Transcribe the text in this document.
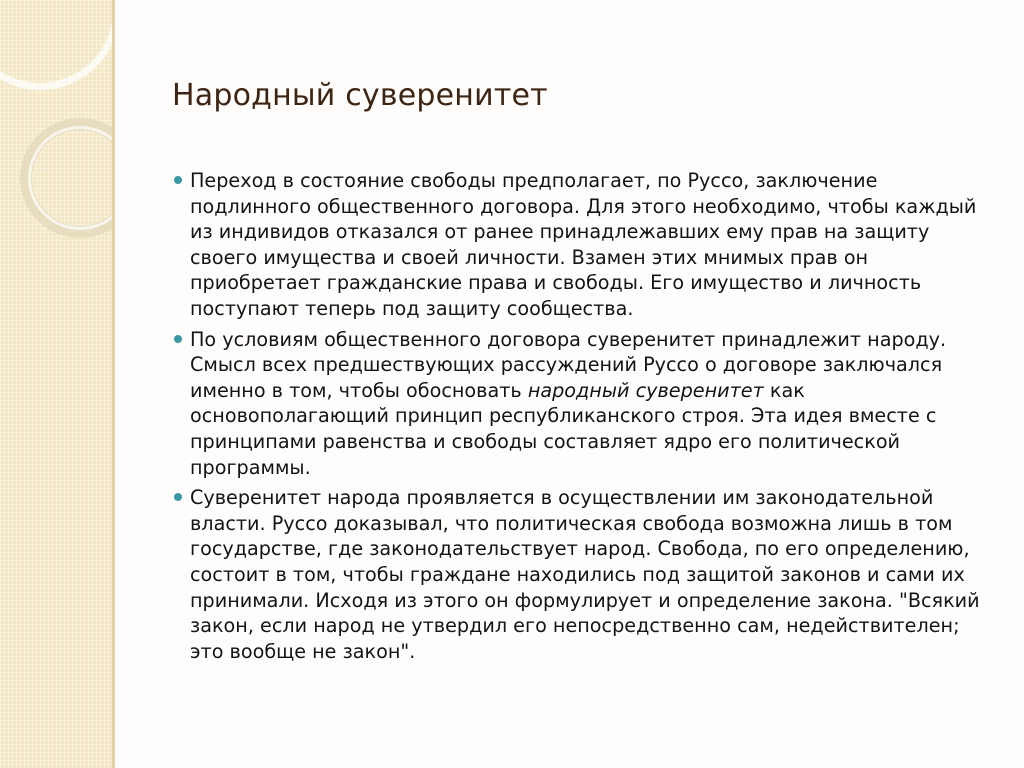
Народный суверенитет
Переход в состояние свободы предполагает, по Руссо, заключение подлинного общественного договора. Для этого необходимо, чтобы каждый из индивидов отказался от ранее принадлежавших ему прав на защиту своего имущества и своей личности. Взамен этих мнимых прав он приобретает гражданские права и свободы. Его имущество и личность поступают теперь под защиту сообщества.
По условиям общественного договора суверенитет принадлежит народу. Смысл всех предшествующих рассуждений Руссо о договоре заключался именно в том, чтобы обосновать народный суверенитет как основополагающий принцип республиканского строя. Эта идея вместе с принципами равенства и свободы составляет ядро его политической программы.
Суверенитет народа проявляется в осуществлении им законодательной власти. Руссо доказывал, что политическая свобода возможна лишь в том государстве, где законодательствует народ. Свобода, по его определению, состоит в том, чтобы граждане находились под защитой законов и сами их принимали. Исходя из этого он формулирует и определение закона. "Всякий закон, если народ не утвердил его непосредственно сам, недействителен; это вообще не закон".
